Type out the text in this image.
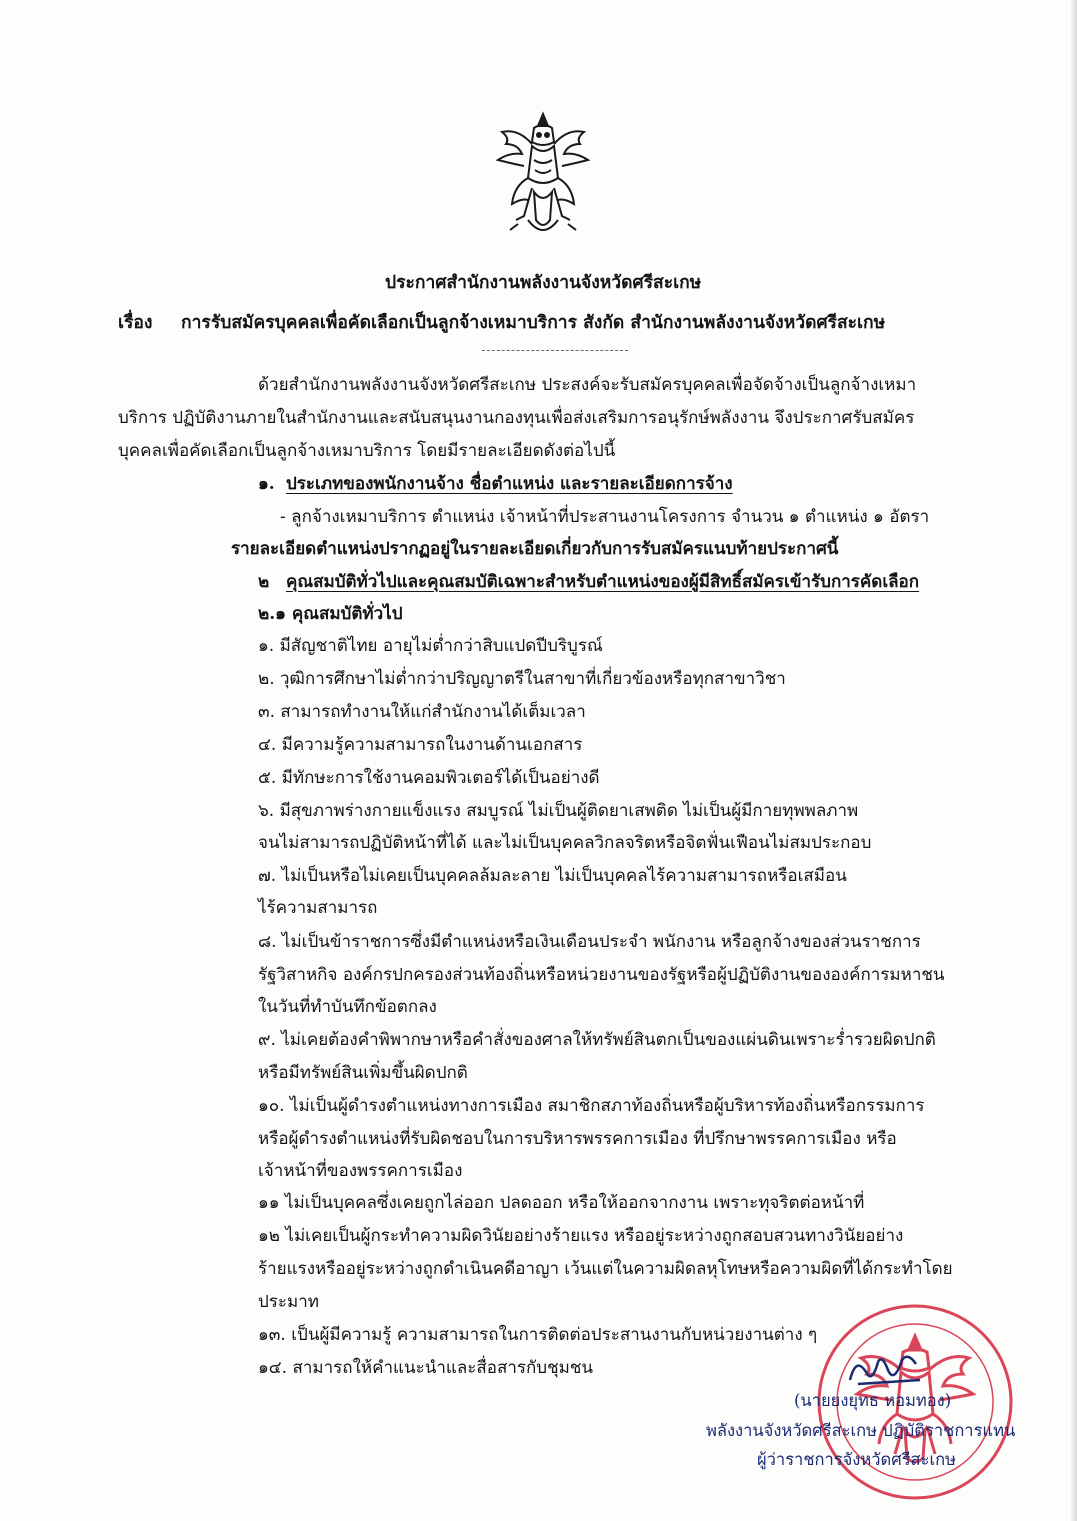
ประกาศสำนักงานพลังงานจังหวัดศรีสะเกษ
เรื่อง การรับสมัครบุคคลเพื่อคัดเลือกเป็นลูกจ้างเหมาบริการ สังกัด สำนักงานพลังงานจังหวัดศรีสะเกษ
ด้วยสำนักงานพลังงานจังหวัดศรีสะเกษ ประสงค์จะรับสมัครบุคคลเพื่อจัดจ้างเป็นลูกจ้างเหมา
บริการ ปฏิบัติงานภายในสำนักงานและสนับสนุนงานกองทุนเพื่อส่งเสริมการอนุรักษ์พลังงาน จึงประกาศรับสมัคร
บุคคลเพื่อคัดเลือกเป็นลูกจ้างเหมาบริการ โดยมีรายละเอียดดังต่อไปนี้
๑. ประเภทของพนักงานจ้าง ชื่อตำแหน่ง และรายละเอียดการจ้าง
- ลูกจ้างเหมาบริการ ตำแหน่ง เจ้าหน้าที่ประสานงานโครงการ จำนวน ๑ ตำแหน่ง ๑ อัตรา
รายละเอียดตำแหน่งปรากฏอยู่ในรายละเอียดเกี่ยวกับการรับสมัครแนบท้ายประกาศนี้
๒ คุณสมบัติทั่วไปและคุณสมบัติเฉพาะสำหรับตำแหน่งของผู้มีสิทธิ์สมัครเข้ารับการคัดเลือก
๒.๑ คุณสมบัติทั่วไป
๑. มีสัญชาติไทย อายุไม่ต่ำกว่าสิบแปดปีบริบูรณ์
๒. วุฒิการศึกษาไม่ต่ำกว่าปริญญาตรีในสาขาที่เกี่ยวข้องหรือทุกสาขาวิชา
๓. สามารถทำงานให้แก่สำนักงานได้เต็มเวลา
๔. มีความรู้ความสามารถในงานด้านเอกสาร
๕. มีทักษะการใช้งานคอมพิวเตอร์ได้เป็นอย่างดี
๖. มีสุขภาพร่างกายแข็งแรง สมบูรณ์ ไม่เป็นผู้ติดยาเสพติด ไม่เป็นผู้มีกายทุพพลภาพ
จนไม่สามารถปฏิบัติหน้าที่ได้ และไม่เป็นบุคคลวิกลจริตหรือจิตฟั่นเฟือนไม่สมประกอบ
๗. ไม่เป็นหรือไม่เคยเป็นบุคคลล้มละลาย ไม่เป็นบุคคลไร้ความสามารถหรือเสมือน
ไร้ความสามารถ
๘. ไม่เป็นข้าราชการซึ่งมีตำแหน่งหรือเงินเดือนประจำ พนักงาน หรือลูกจ้างของส่วนราชการ
รัฐวิสาหกิจ องค์กรปกครองส่วนท้องถิ่นหรือหน่วยงานของรัฐหรือผู้ปฏิบัติงานขององค์การมหาชน
ในวันที่ทำบันทึกข้อตกลง
๙. ไม่เคยต้องคำพิพากษาหรือคำสั่งของศาลให้ทรัพย์สินตกเป็นของแผ่นดินเพราะร่ำรวยผิดปกติ
หรือมีทรัพย์สินเพิ่มขึ้นผิดปกติ
๑๐. ไม่เป็นผู้ดำรงตำแหน่งทางการเมือง สมาชิกสภาท้องถิ่นหรือผู้บริหารท้องถิ่นหรือกรรมการ
หรือผู้ดำรงตำแหน่งที่รับผิดชอบในการบริหารพรรคการเมือง ที่ปรึกษาพรรคการเมือง หรือ
เจ้าหน้าที่ของพรรคการเมือง
๑๑ ไม่เป็นบุคคลซึ่งเคยถูกไล่ออก ปลดออก หรือให้ออกจากงาน เพราะทุจริตต่อหน้าที่
๑๒ ไม่เคยเป็นผู้กระทำความผิดวินัยอย่างร้ายแรง หรืออยู่ระหว่างถูกสอบสวนทางวินัยอย่าง
ร้ายแรงหรืออยู่ระหว่างถูกดำเนินคดีอาญา เว้นแต่ในความผิดลหุโทษหรือความผิดที่ได้กระทำโดย
ประมาท
๑๓. เป็นผู้มีความรู้ ความสามารถในการติดต่อประสานงานกับหน่วยงานต่าง ๆ
๑๔. สามารถให้คำแนะนำและสื่อสารกับชุมชน
(นายยงยุทธ หอมทอง)
พลังงานจังหวัดศรีสะเกษ ปฏิบัติราชการแทน
ผู้ว่าราชการจังหวัดศรีสะเกษ
